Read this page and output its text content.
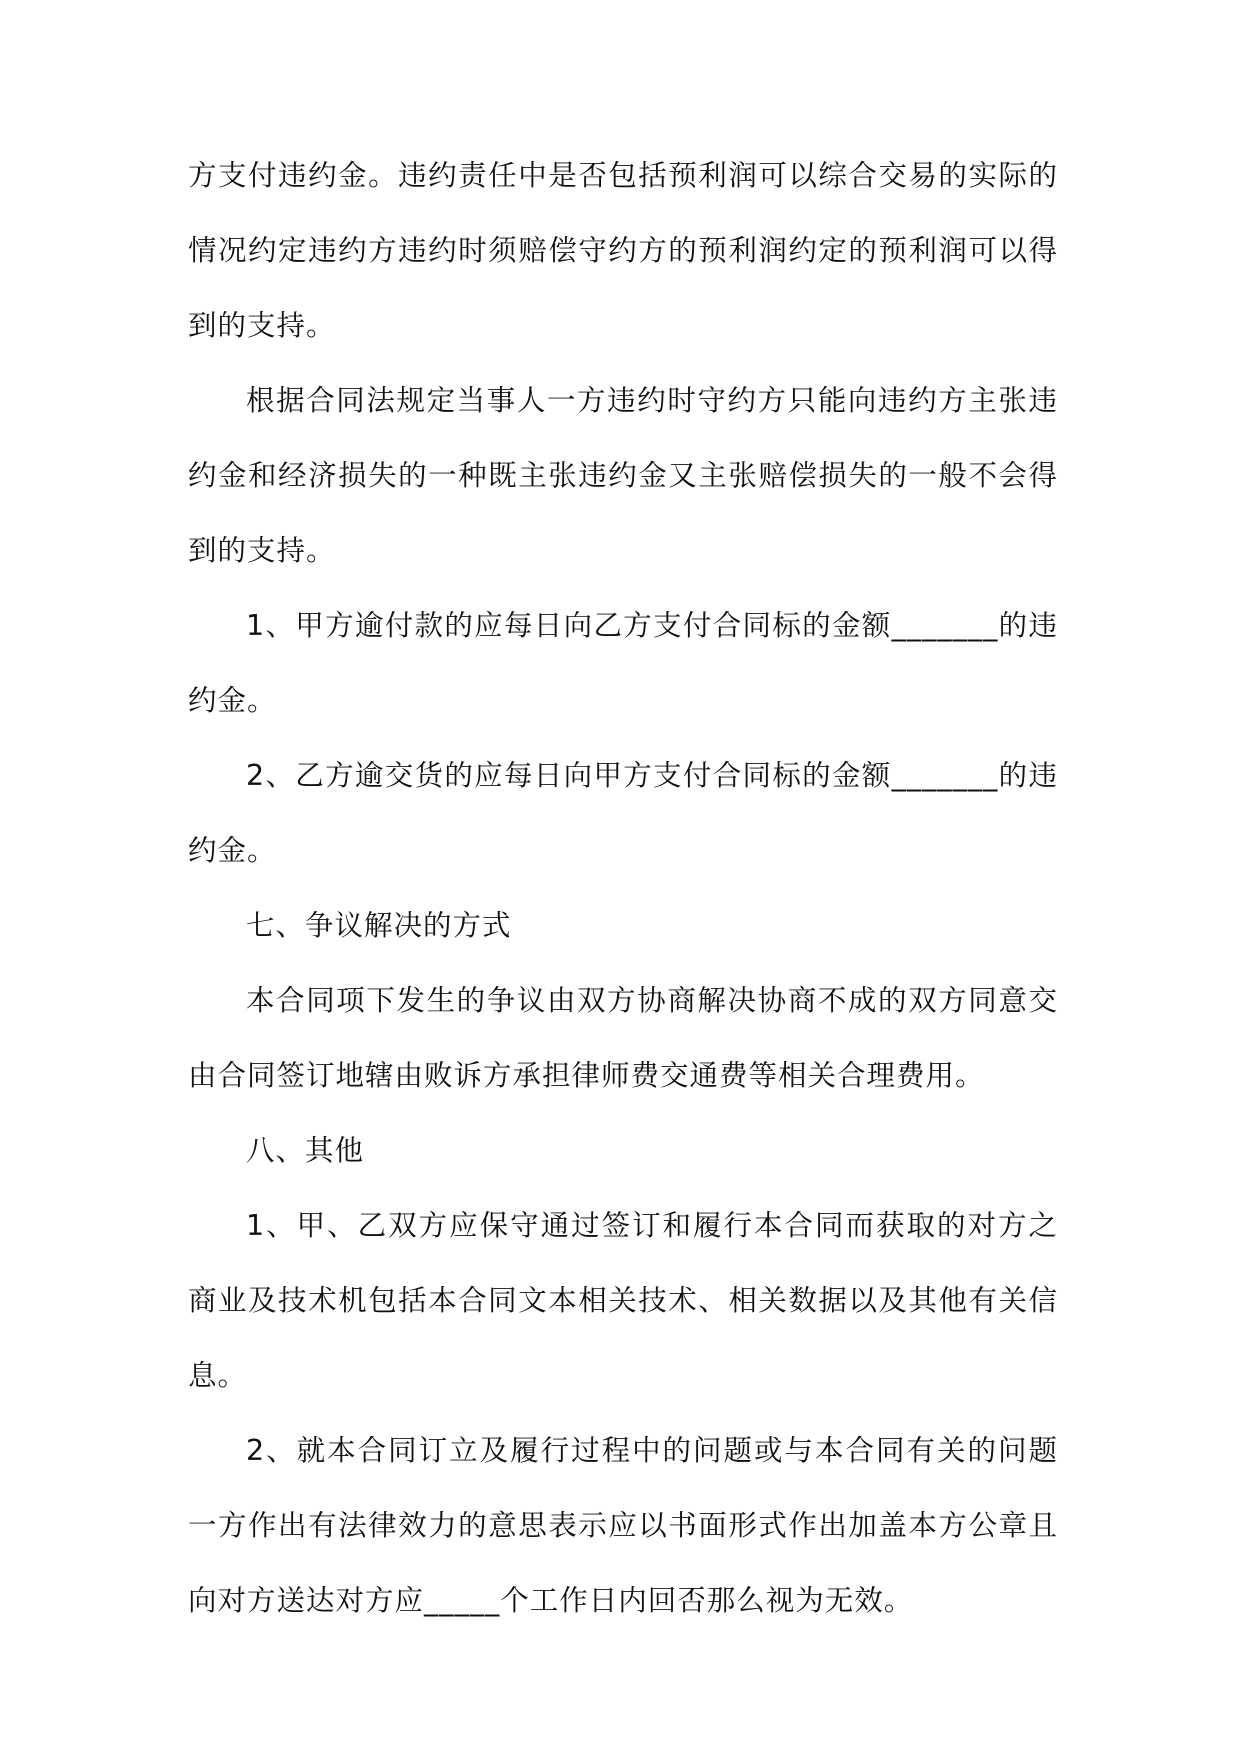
方支付违约金。违约责任中是否包括预利润可以综合交易的实际的情况约定违约方违约时须赔偿守约方的预利润约定的预利润可以得到的支持。

根据合同法规定当事人一方违约时守约方只能向违约方主张违约金和经济损失的一种既主张违约金又主张赔偿损失的一般不会得到的支持。

1、甲方逾付款的应每日向乙方支付合同标的金额_______的违约金。

2、乙方逾交货的应每日向甲方支付合同标的金额_______的违约金。

七、争议解决的方式

本合同项下发生的争议由双方协商解决协商不成的双方同意交由合同签订地辖由败诉方承担律师费交通费等相关合理费用。

八、其他

1、甲、乙双方应保守通过签订和履行本合同而获取的对方之商业及技术机包括本合同文本相关技术、相关数据以及其他有关信息。

2、就本合同订立及履行过程中的问题或与本合同有关的问题一方作出有法律效力的意思表示应以书面形式作出加盖本方公章且向对方送达对方应_____个工作日内回否那么视为无效。
